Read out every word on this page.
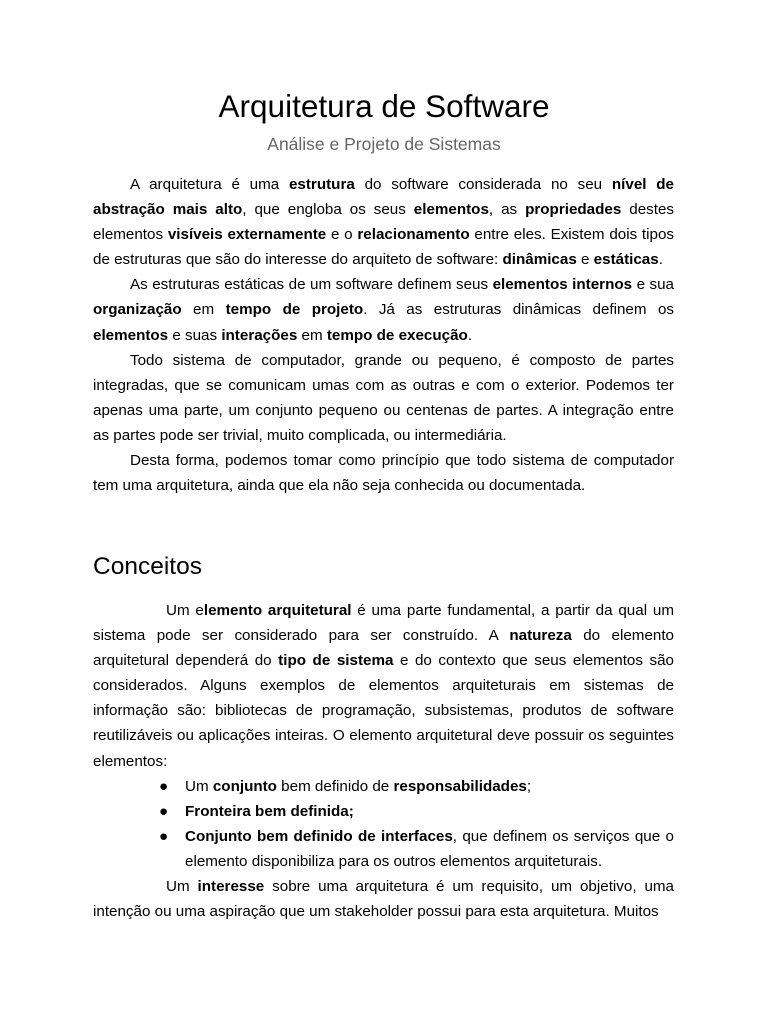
Arquitetura de Software
Análise e Projeto de Sistemas

A arquitetura é uma estrutura do software considerada no seu nível de abstração mais alto, que engloba os seus elementos, as propriedades destes elementos visíveis externamente e o relacionamento entre eles. Existem dois tipos de estruturas que são do interesse do arquiteto de software: dinâmicas e estáticas.

As estruturas estáticas de um software definem seus elementos internos e sua organização em tempo de projeto. Já as estruturas dinâmicas definem os elementos e suas interações em tempo de execução.

Todo sistema de computador, grande ou pequeno, é composto de partes integradas, que se comunicam umas com as outras e com o exterior. Podemos ter apenas uma parte, um conjunto pequeno ou centenas de partes. A integração entre as partes pode ser trivial, muito complicada, ou intermediária.

Desta forma, podemos tomar como princípio que todo sistema de computador tem uma arquitetura, ainda que ela não seja conhecida ou documentada.

Conceitos

Um elemento arquitetural é uma parte fundamental, a partir da qual um sistema pode ser considerado para ser construído. A natureza do elemento arquitetural dependerá do tipo de sistema e do contexto que seus elementos são considerados. Alguns exemplos de elementos arquiteturais em sistemas de informação são: bibliotecas de programação, subsistemas, produtos de software reutilizáveis ou aplicações inteiras. O elemento arquitetural deve possuir os seguintes elementos:

● Um conjunto bem definido de responsabilidades;
● Fronteira bem definida;
● Conjunto bem definido de interfaces, que definem os serviços que o elemento disponibiliza para os outros elementos arquiteturais.

Um interesse sobre uma arquitetura é um requisito, um objetivo, uma intenção ou uma aspiração que um stakeholder possui para esta arquitetura. Muitos
